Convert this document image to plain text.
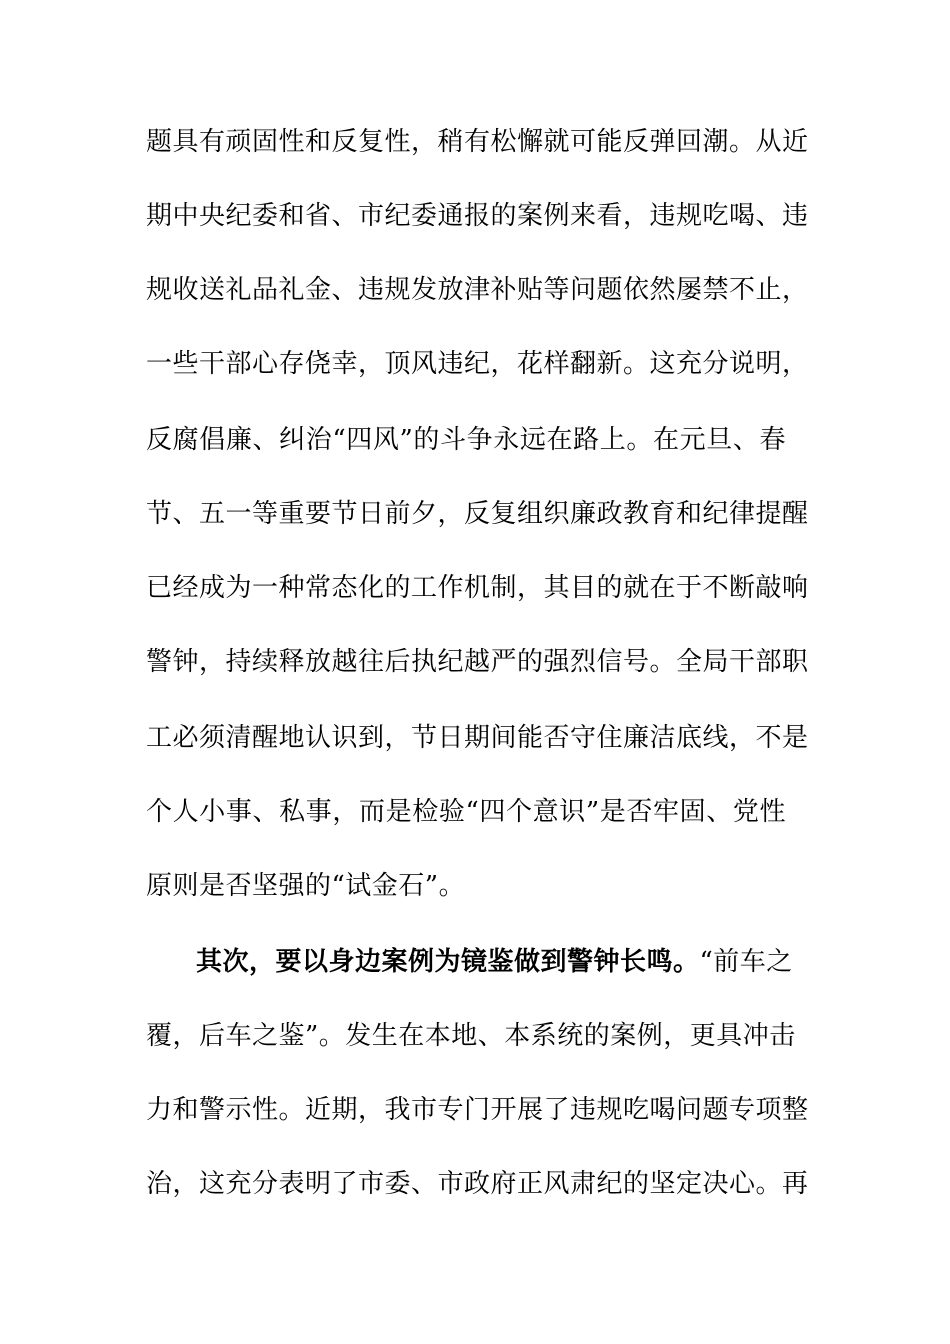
题具有顽固性和反复性，稍有松懈就可能反弹回潮。从近
期中央纪委和省、市纪委通报的案例来看，违规吃喝、违
规收送礼品礼金、违规发放津补贴等问题依然屡禁不止，
一些干部心存侥幸，顶风违纪，花样翻新。这充分说明，
反腐倡廉、纠治“四风”的斗争永远在路上。在元旦、春
节、五一等重要节日前夕，反复组织廉政教育和纪律提醒
已经成为一种常态化的工作机制，其目的就在于不断敲响
警钟，持续释放越往后执纪越严的强烈信号。全局干部职
工必须清醒地认识到，节日期间能否守住廉洁底线，不是
个人小事、私事，而是检验“四个意识”是否牢固、党性
原则是否坚强的“试金石”。
其次，要以身边案例为镜鉴做到警钟长鸣。“前车之
覆，后车之鉴”。发生在本地、本系统的案例，更具冲击
力和警示性。近期，我市专门开展了违规吃喝问题专项整
治，这充分表明了市委、市政府正风肃纪的坚定决心。再
